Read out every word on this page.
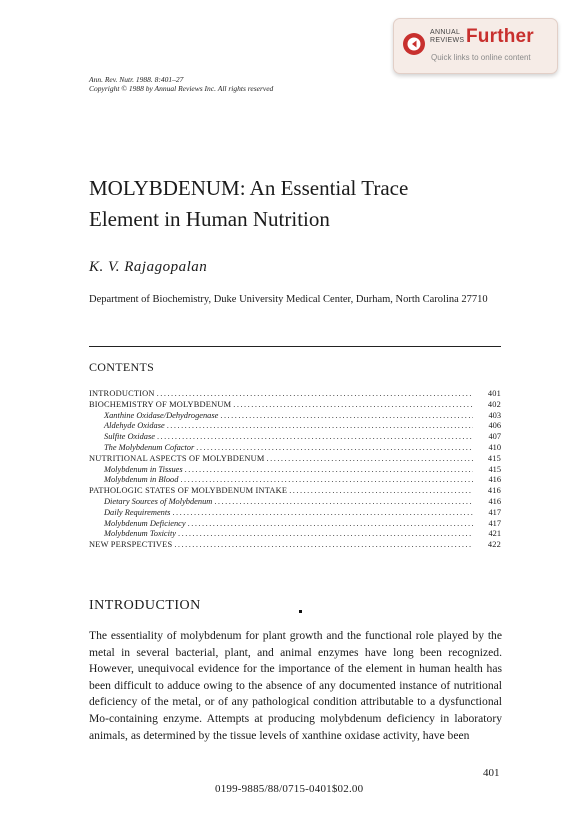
ANNUAL
REVIEWS Further
Quick links to online content
Ann. Rev. Nutr. 1988. 8:401–27
Copyright © 1988 by Annual Reviews Inc. All rights reserved
MOLYBDENUM: An Essential Trace
Element in Human Nutrition
K. V. Rajagopalan
Department of Biochemistry, Duke University Medical Center, Durham, North Carolina 27710
CONTENTS
INTRODUCTION .....	401
BIOCHEMISTRY OF MOLYBDENUM .....	402
Xanthine Oxidase/Dehydrogenase .....	403
Aldehyde Oxidase .....	406
Sulfite Oxidase .....	407
The Molybdenum Cofactor .....	410
NUTRITIONAL ASPECTS OF MOLYBDENUM .....	415
Molybdenum in Tissues .....	415
Molybdenum in Blood .....	416
PATHOLOGIC STATES OF MOLYBDENUM INTAKE .....	416
Dietary Sources of Molybdenum .....	416
Daily Requirements .....	417
Molybdenum Deficiency .....	417
Molybdenum Toxicity .....	421
NEW PERSPECTIVES .....	422
INTRODUCTION
The essentiality of molybdenum for plant growth and the functional role played by the metal in several bacterial, plant, and animal enzymes have long been recognized. However, unequivocal evidence for the importance of the element in human health has been difficult to adduce owing to the absence of any documented instance of nutritional deficiency of the metal, or of any pathological condition attributable to a dysfunctional Mo-containing enzyme. Attempts at producing molybdenum deficiency in laboratory animals, as determined by the tissue levels of xanthine oxidase activity, have been
401
0199-9885/88/0715-0401$02.00
